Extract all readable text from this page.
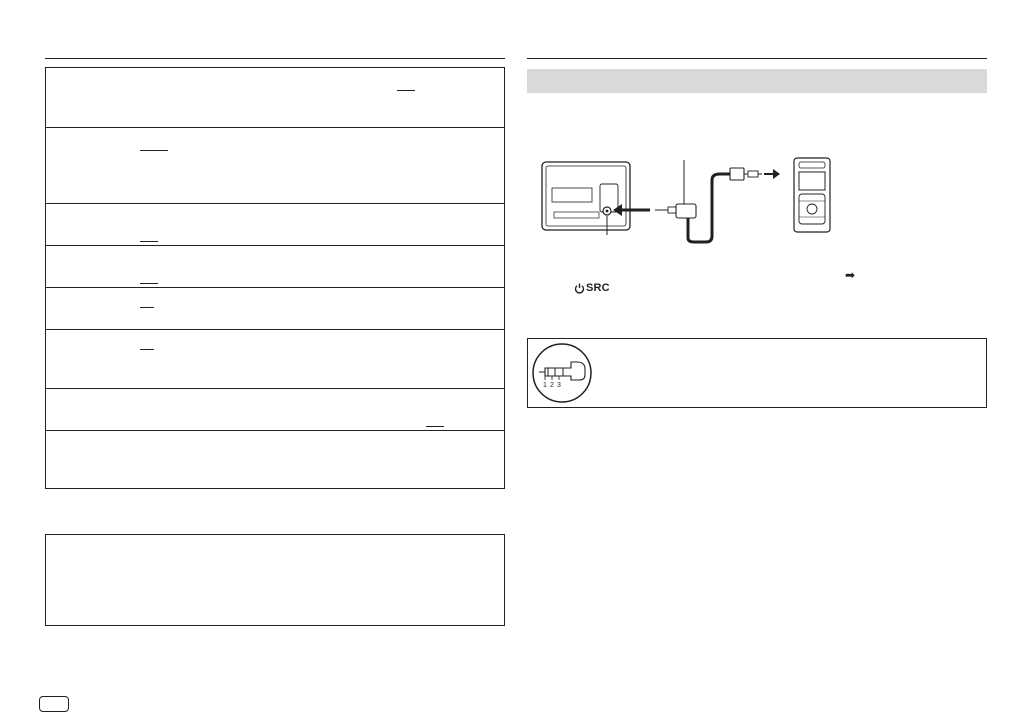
➡
SRC
1 2 3
